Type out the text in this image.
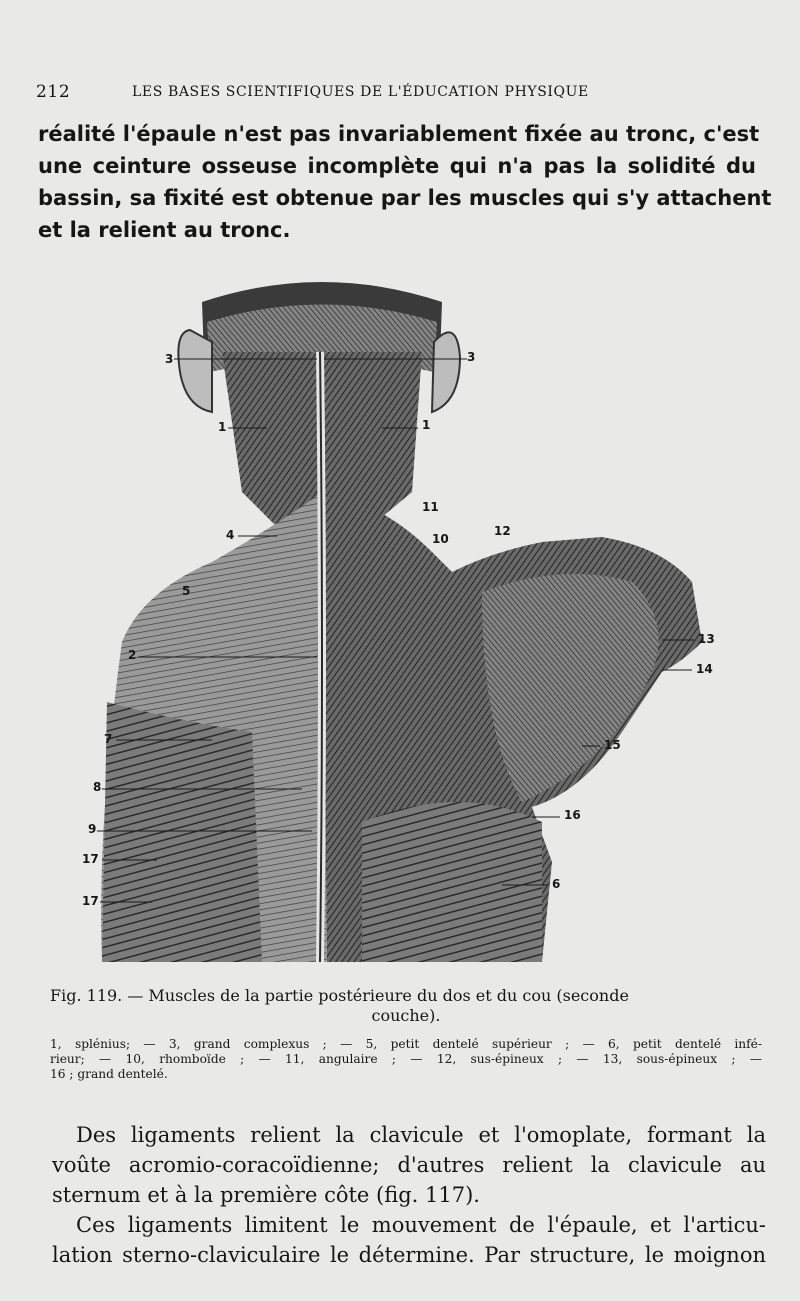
212	LES BASES SCIENTIFIQUES DE L'ÉDUCATION PHYSIQUE
réalité l'épaule n'est pas invariablement fixée au tronc, c'est
une ceinture osseuse incomplète qui n'a pas la solidité du
bassin, sa fixité est obtenue par les muscles qui s'y attachent
et la relient au tronc.
3	3
1	1
11
4	10
12
5
2
13
14
7	15
8
9
16
17
6
17
Fig. 119. — Muscles de la partie postérieure du dos et du cou (seconde
couche).
1, splénius; — 3, grand complexus ; — 5, petit dentelé supérieur ; — 6, petit dentelé infé-
rieur; — 10, rhomboïde ; — 11, angulaire ; — 12, sus-épineux ; — 13, sous-épineux ; —
16 ; grand dentelé.
Des ligaments relient la clavicule et l'omoplate, formant la
voûte acromio-coracoïdienne; d'autres relient la clavicule au
sternum et à la première côte (fig. 117).
Ces ligaments limitent le mouvement de l'épaule, et l'articu-
lation sterno-claviculaire le détermine. Par structure, le moignon
